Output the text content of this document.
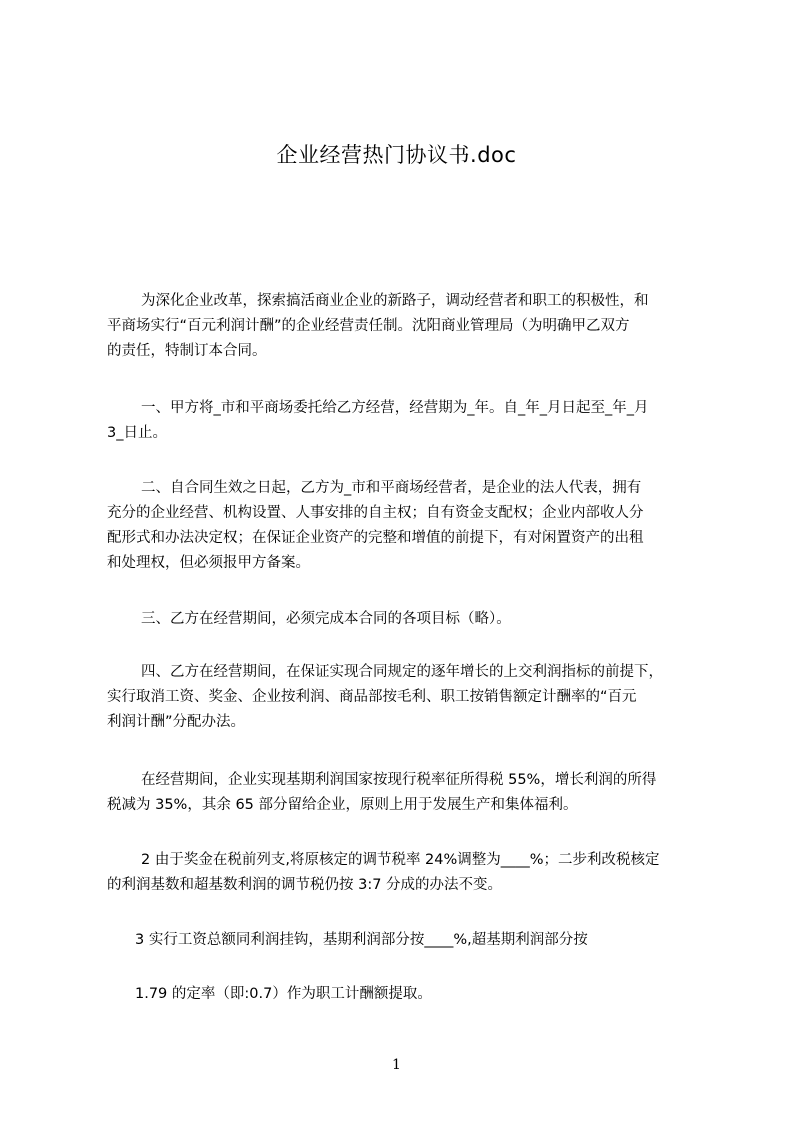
企业经营热门协议书.doc
为深化企业改革，探索搞活商业企业的新路子，调动经营者和职工的积极性，和
平商场实行“百元利润计酬”的企业经营责任制。沈阳商业管理局（为明确甲乙双方
的责任，特制订本合同。
一、甲方将_市和平商场委托给乙方经营，经营期为_年。自_年_月日起至_年_月
3_日止。
二、自合同生效之日起，乙方为_市和平商场经营者，是企业的法人代表，拥有
充分的企业经营、机构设置、人事安排的自主权；自有资金支配权；企业内部收人分
配形式和办法决定权；在保证企业资产的完整和增值的前提下，有对闲置资产的出租
和处理权，但必须报甲方备案。
三、乙方在经营期间，必须完成本合同的各项目标（略）。
四、乙方在经营期间，在保证实现合同规定的逐年增长的上交利润指标的前提下，
实行取消工资、奖金、企业按利润、商品部按毛利、职工按销售额定计酬率的“百元
利润计酬”分配办法。
在经营期间，企业实现基期利润国家按现行税率征所得税 55%，增长利润的所得
税减为 35%，其余 65 部分留给企业，原则上用于发展生产和集体福利。
2 由于奖金在税前列支,将原核定的调节税率 24%调整为____%；二步利改税核定
的利润基数和超基数利润的调节税仍按 3:7 分成的办法不变。
3 实行工资总额同利润挂钩，基期利润部分按____%,超基期利润部分按
1.79 的定率（即:0.7）作为职工计酬额提取。
1
